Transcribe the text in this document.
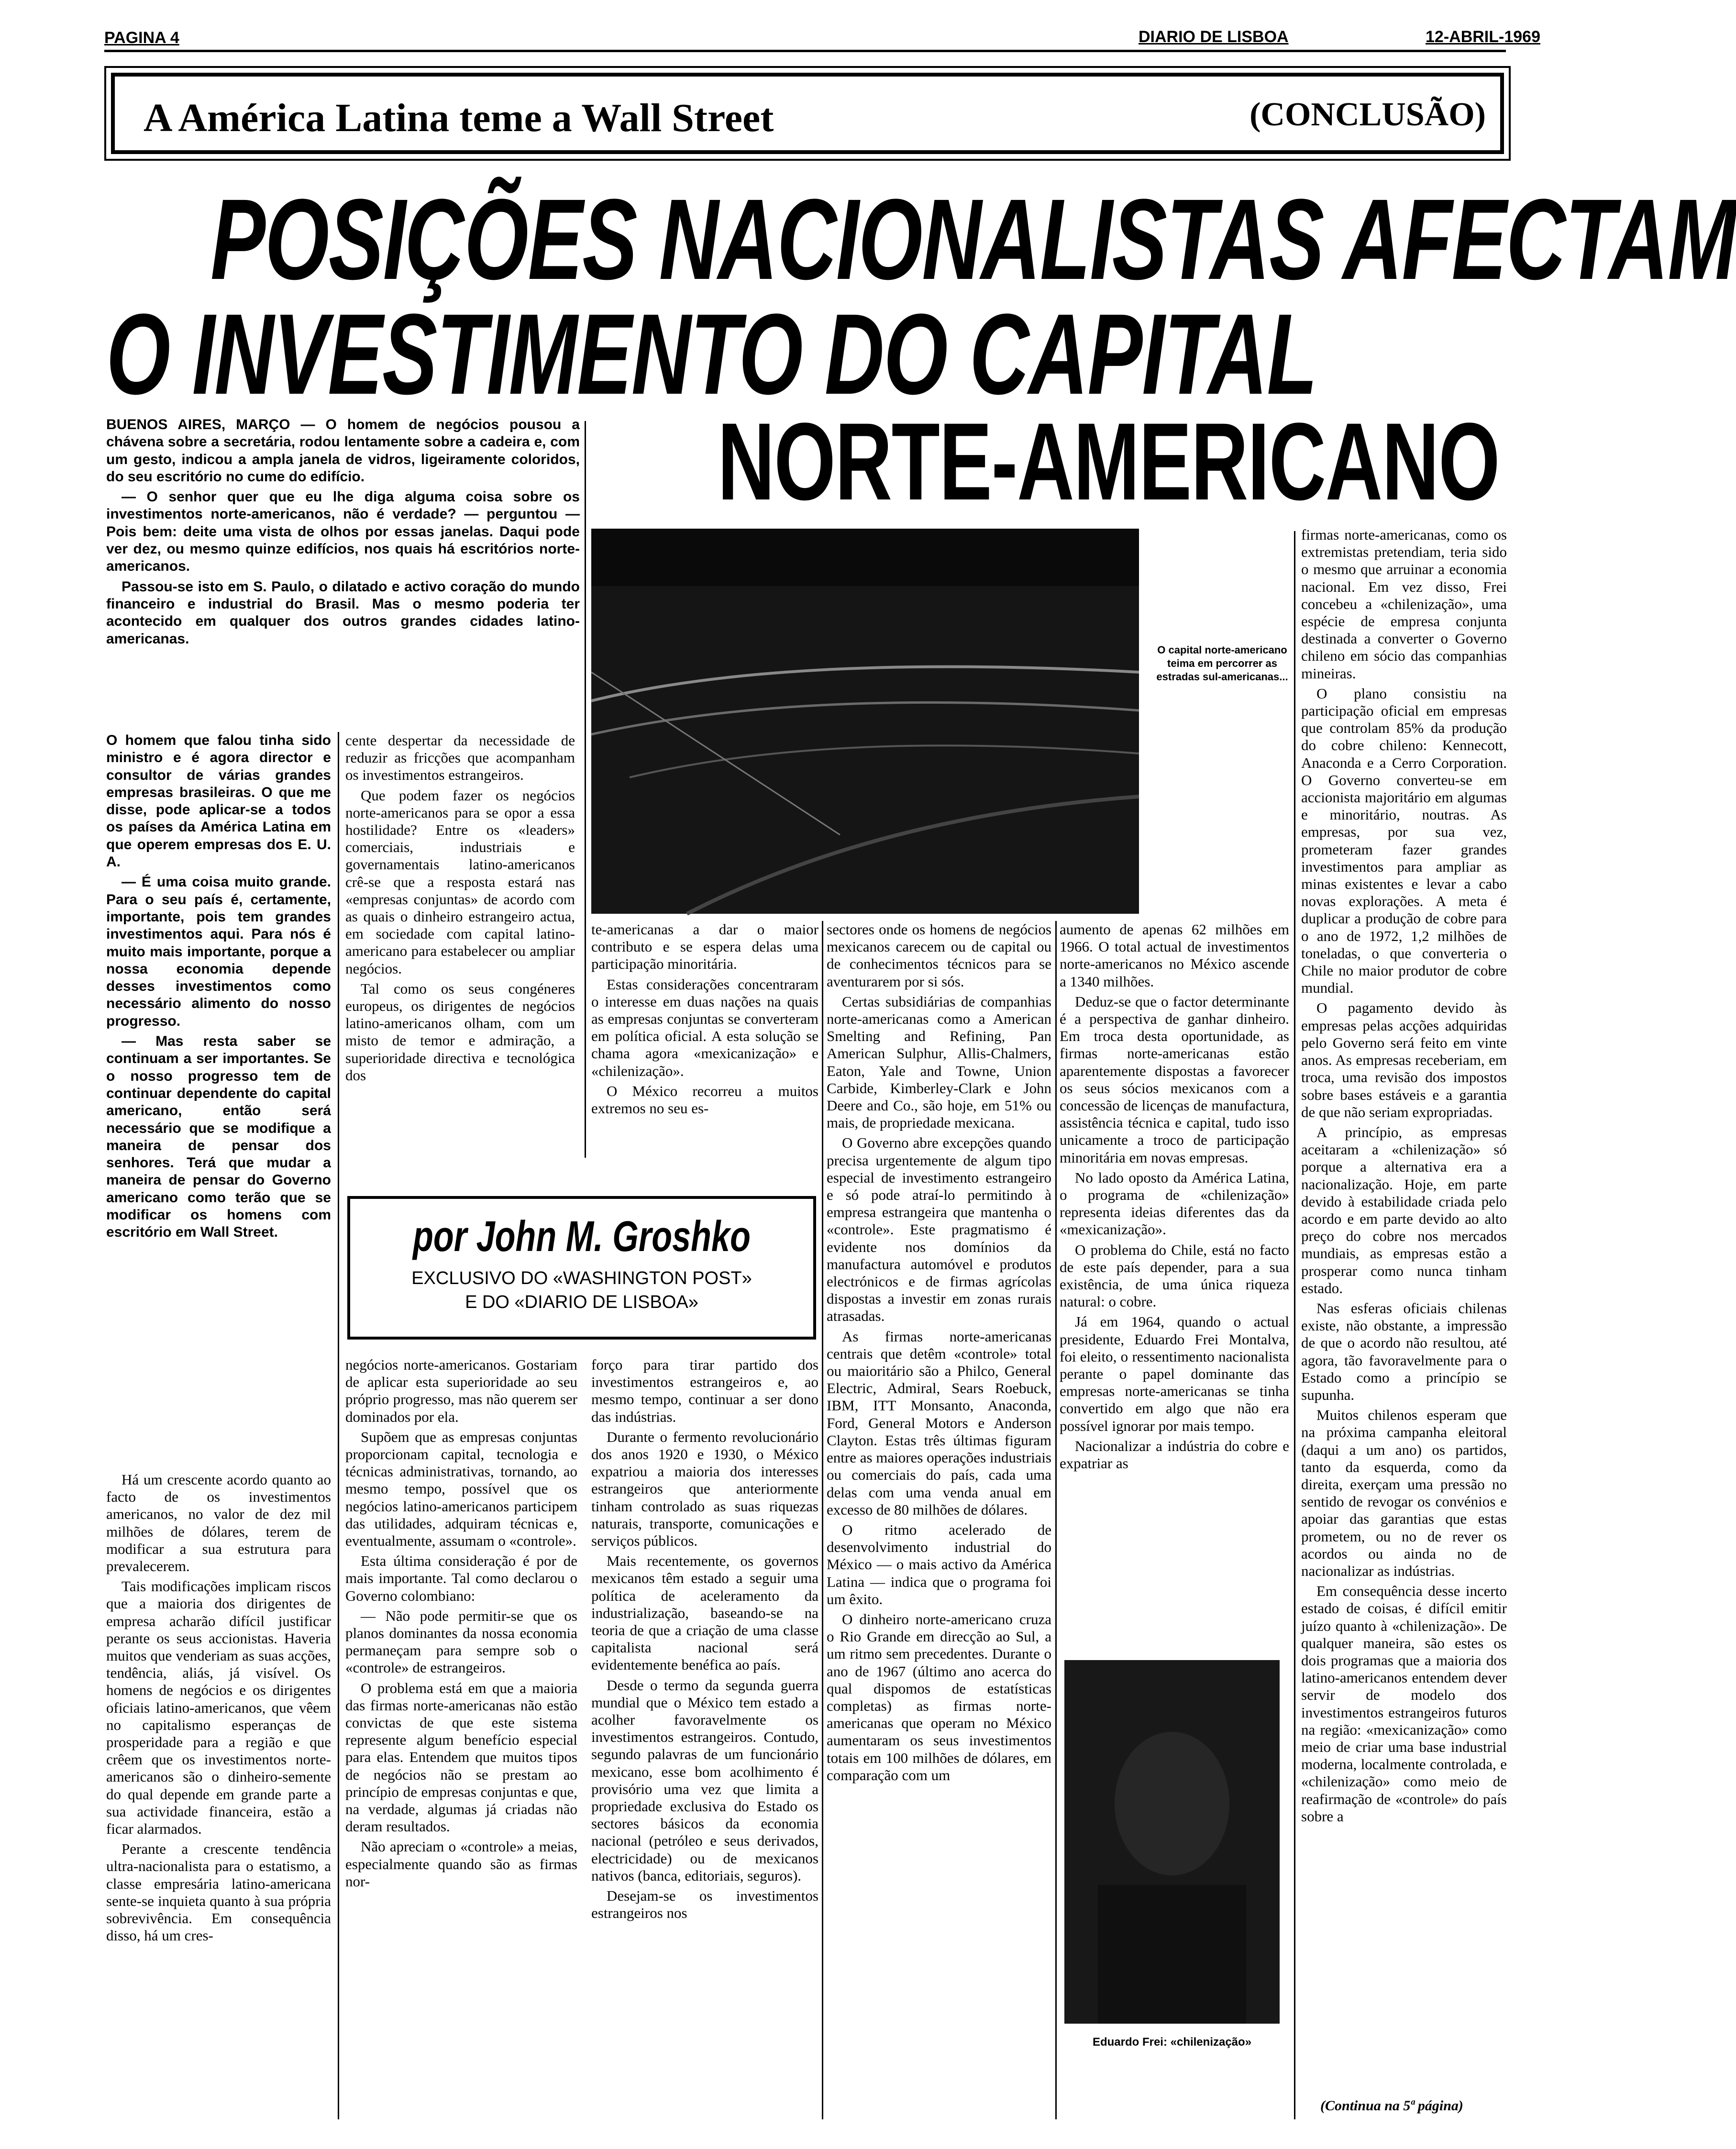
PAGINA 4	DIARIO DE LISBOA	12-ABRIL-1969
A América Latina teme a Wall Street	(CONCLUSÃO)
POSIÇÕES NACIONALISTAS AFECTAM
O INVESTIMENTO DO CAPITAL
NORTE-AMERICANO

BUENOS AIRES, MARÇO — O homem de negócios pousou a chávena sobre a secretária, rodou lentamente sobre a cadeira e, com um gesto, indicou a ampla janela de vidros, ligeiramente coloridos, do seu escritório no cume do edifício.

— O senhor quer que eu lhe diga alguma coisa sobre os investimentos norte-americanos, não é verdade? — perguntou — Pois bem: deite uma vista de olhos por essas janelas. Daqui pode ver dez, ou mesmo quinze edifícios, nos quais há escritórios norte-americanos.

Passou-se isto em S. Paulo, o dilatado e activo coração do mundo financeiro e industrial do Brasil. Mas o mesmo poderia ter acontecido em qualquer dos outros grandes cidades latino-americanas.

O homem que falou tinha sido ministro e é agora director e consultor de várias grandes empresas brasileiras. O que me disse, pode aplicar-se a todos os países da América Latina em que operem empresas dos E. U. A.

— É uma coisa muito grande. Para o seu país é, certamente, importante, pois tem grandes investimentos aqui. Para nós é muito mais importante, porque a nossa economia depende desses investimentos como necessário alimento do nosso progresso.

— Mas resta saber se continuam a ser importantes. Se o nosso progresso tem de continuar dependente do capital americano, então será necessário que se modifique a maneira de pensar dos senhores. Terá que mudar a maneira de pensar do Governo americano como terão que se modificar os homens com escritório em Wall Street.

Há um crescente acordo quanto ao facto de os investimentos americanos, no valor de dez mil milhões de dólares, terem de modificar a sua estrutura para prevalecerem.

Tais modificações implicam riscos que a maioria dos dirigentes de empresa acharão difícil justificar perante os seus accionistas. Haveria muitos que venderiam as suas acções, tendência, aliás, já visível. Os homens de negócios e os dirigentes oficiais latino-americanos, que vêem no capitalismo esperanças de prosperidade para a região e que crêem que os investimentos norte-americanos são o dinheiro-semente do qual depende em grande parte a sua actividade financeira, estão a ficar alarmados.

Perante a crescente tendência ultra-nacionalista para o estatismo, a classe empresária latino-americana sente-se inquieta quanto à sua própria sobrevivência. Em consequência disso, há um cres-

cente despertar da necessidade de reduzir as fricções que acompanham os investimentos estrangeiros.

Que podem fazer os negócios norte-americanos para se opor a essa hostilidade? Entre os «leaders» comerciais, industriais e governamentais latino-americanos crê-se que a resposta estará nas «empresas conjuntas» de acordo com as quais o dinheiro estrangeiro actua, em sociedade com capital latino-americano para estabelecer ou ampliar negócios.

Tal como os seus congéneres europeus, os dirigentes de negócios latino-americanos olham, com um misto de temor e admiração, a superioridade directiva e tecnológica dos

O capital norte-americano teima em percorrer as estradas sul-americanas...

te-americanas a dar o maior contributo e se espera delas uma participação minoritária.

Estas considerações concentraram o interesse em duas nações na quais as empresas conjuntas se converteram em política oficial. A esta solução se chama agora «mexicanização» e «chilenização».

O México recorreu a muitos extremos no seu es-

sectores onde os homens de negócios mexicanos carecem ou de capital ou de conhecimentos técnicos para se aventurarem por si sós.

Certas subsidiárias de companhias norte-americanas como a American Smelting and Refining, Pan American Sulphur, Allis-Chalmers, Eaton, Yale and Towne, Union Carbide, Kimberley-Clark e John Deere and Co., são hoje, em 51% ou mais, de propriedade mexicana.

O Governo abre excepções quando precisa urgentemente de algum tipo especial de investimento estrangeiro e só pode atraí-lo permitindo à empresa estrangeira que mantenha o «controle». Este pragmatismo é evidente nos domínios da manufactura automóvel e produtos electrónicos e de firmas agrícolas dispostas a investir em zonas rurais atrasadas.

As firmas norte-americanas centrais que detêm «controle» total ou maioritário são a Philco, General Electric, Admiral, Sears Roebuck, IBM, ITT Monsanto, Anaconda, Ford, General Motors e Anderson Clayton. Estas três últimas figuram entre as maiores operações industriais ou comerciais do país, cada uma delas com uma venda anual em excesso de 80 milhões de dólares.

O ritmo acelerado de desenvolvimento industrial do México — o mais activo da América Latina — indica que o programa foi um êxito.

O dinheiro norte-americano cruza o Rio Grande em direcção ao Sul, a um ritmo sem precedentes. Durante o ano de 1967 (último ano acerca do qual dispomos de estatísticas completas) as firmas norte-americanas que operam no México aumentaram os seus investimentos totais em 100 milhões de dólares, em comparação com um

aumento de apenas 62 milhões em 1966. O total actual de investimentos norte-americanos no México ascende a 1340 milhões.

Deduz-se que o factor determinante é a perspectiva de ganhar dinheiro. Em troca desta oportunidade, as firmas norte-americanas estão aparentemente dispostas a favorecer os seus sócios mexicanos com a concessão de licenças de manufactura, assistência técnica e capital, tudo isso unicamente a troco de participação minoritária em novas empresas.

No lado oposto da América Latina, o programa de «chilenização» representa ideias diferentes das da «mexicanização».

O problema do Chile, está no facto de este país depender, para a sua existência, de uma única riqueza natural: o cobre.

Já em 1964, quando o actual presidente, Eduardo Frei Montalva, foi eleito, o ressentimento nacionalista perante o papel dominante das empresas norte-americanas se tinha convertido em algo que não era possível ignorar por mais tempo.

Nacionalizar a indústria do cobre e expatriar as

Eduardo Frei: «chilenização»

firmas norte-americanas, como os extremistas pretendiam, teria sido o mesmo que arruinar a economia nacional. Em vez disso, Frei concebeu a «chilenização», uma espécie de empresa conjunta destinada a converter o Governo chileno em sócio das companhias mineiras.

O plano consistiu na participação oficial em empresas que controlam 85% da produção do cobre chileno: Kennecott, Anaconda e a Cerro Corporation. O Governo converteu-se em accionista majoritário em algumas e minoritário, noutras. As empresas, por sua vez, prometeram fazer grandes investimentos para ampliar as minas existentes e levar a cabo novas explorações. A meta é duplicar a produção de cobre para o ano de 1972, 1,2 milhões de toneladas, o que converteria o Chile no maior produtor de cobre mundial.

O pagamento devido às empresas pelas acções adquiridas pelo Governo será feito em vinte anos. As empresas receberiam, em troca, uma revisão dos impostos sobre bases estáveis e a garantia de que não seriam expropriadas.

A princípio, as empresas aceitaram a «chilenização» só porque a alternativa era a nacionalização. Hoje, em parte devido à estabilidade criada pelo acordo e em parte devido ao alto preço do cobre nos mercados mundiais, as empresas estão a prosperar como nunca tinham estado.

Nas esferas oficiais chilenas existe, não obstante, a impressão de que o acordo não resultou, até agora, tão favoravelmente para o Estado como a princípio se supunha.

Muitos chilenos esperam que na próxima campanha eleitoral (daqui a um ano) os partidos, tanto da esquerda, como da direita, exerçam uma pressão no sentido de revogar os convénios e apoiar das garantias que estas prometem, ou no de rever os acordos ou ainda no de nacionalizar as indústrias.

Em consequência desse incerto estado de coisas, é difícil emitir juízo quanto à «chilenização». De qualquer maneira, são estes os dois programas que a maioria dos latino-americanos entendem dever servir de modelo dos investimentos estrangeiros futuros na região: «mexicanização» como meio de criar uma base industrial moderna, localmente controlada, e «chilenização» como meio de reafirmação de «controle» do país sobre a

(Continua na 5ª página)
por John M. Groshko
EXCLUSIVO DO «WASHINGTON POST»
E DO «DIARIO DE LISBOA»

negócios norte-americanos. Gostariam de aplicar esta superioridade ao seu próprio progresso, mas não querem ser dominados por ela.

Supõem que as empresas conjuntas proporcionam capital, tecnologia e técnicas administrativas, tornando, ao mesmo tempo, possível que os negócios latino-americanos participem das utilidades, adquiram técnicas e, eventualmente, assumam o «controle».

Esta última consideração é por de mais importante. Tal como declarou o Governo colombiano:

— Não pode permitir-se que os planos dominantes da nossa economia permaneçam para sempre sob o «controle» de estrangeiros.

O problema está em que a maioria das firmas norte-americanas não estão convictas de que este sistema represente algum benefício especial para elas. Entendem que muitos tipos de negócios não se prestam ao princípio de empresas conjuntas e que, na verdade, algumas já criadas não deram resultados.

Não apreciam o «controle» a meias, especialmente quando são as firmas nor-

forço para tirar partido dos investimentos estrangeiros e, ao mesmo tempo, continuar a ser dono das indústrias.

Durante o fermento revolucionário dos anos 1920 e 1930, o México expatriou a maioria dos interesses estrangeiros que anteriormente tinham controlado as suas riquezas naturais, transporte, comunicações e serviços públicos.

Mais recentemente, os governos mexicanos têm estado a seguir uma política de aceleramento da industrialização, baseando-se na teoria de que a criação de uma classe capitalista nacional será evidentemente benéfica ao país.

Desde o termo da segunda guerra mundial que o México tem estado a acolher favoravelmente os investimentos estrangeiros. Contudo, segundo palavras de um funcionário mexicano, esse bom acolhimento é provisório uma vez que limita a propriedade exclusiva do Estado os sectores básicos da economia nacional (petróleo e seus derivados, electricidade) ou de mexicanos nativos (banca, editoriais, seguros).

Desejam-se os investimentos estrangeiros nos
